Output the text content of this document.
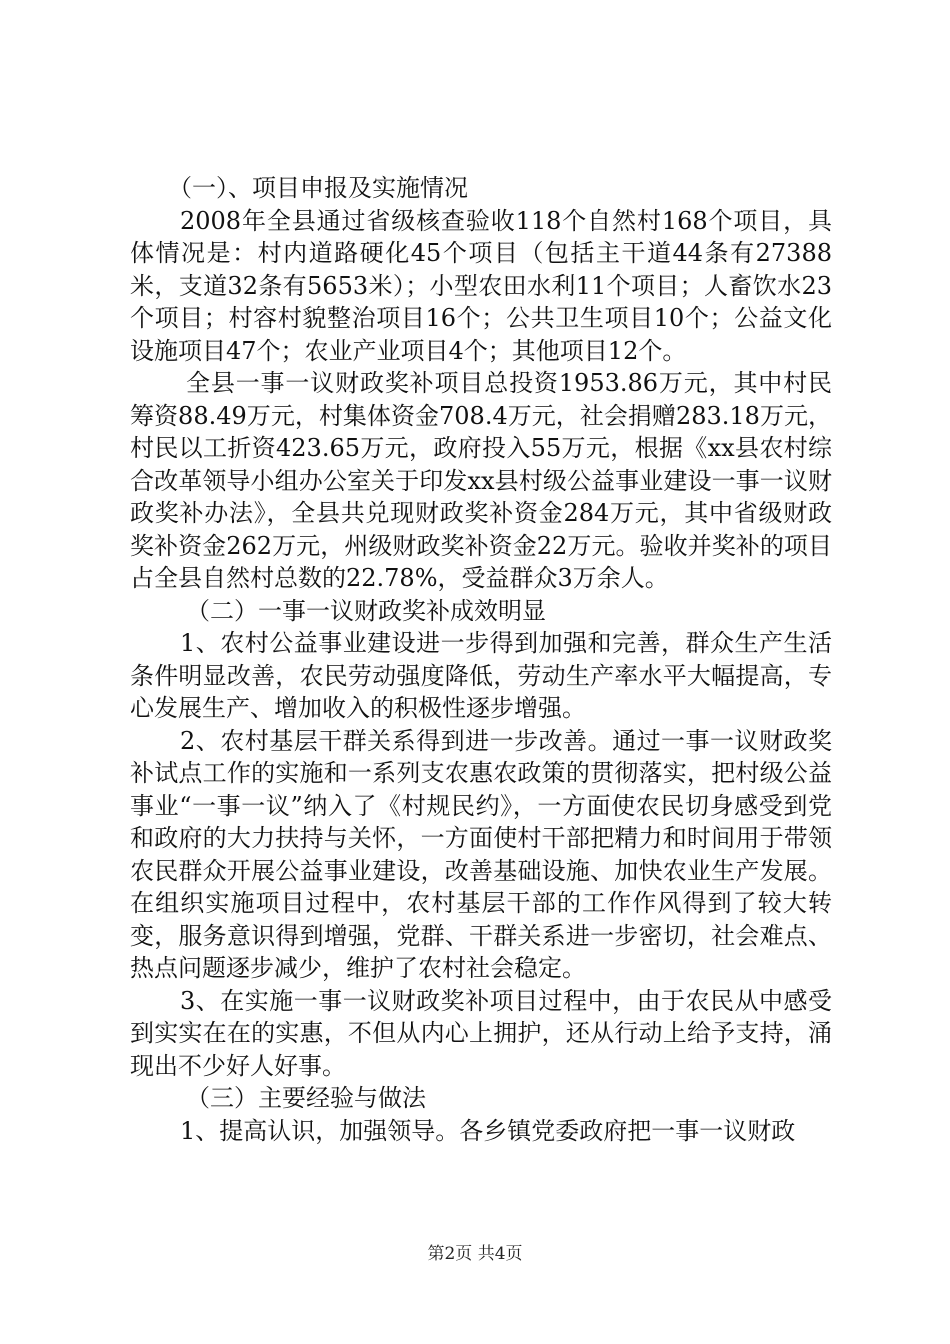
（一）、项目申报及实施情况

2008年全县通过省级核查验收118个自然村168个项目，具体情况是：村内道路硬化45个项目（包括主干道44条有27388米，支道32条有5653米）；小型农田水利11个项目；人畜饮水23个项目；村容村貌整治项目16个；公共卫生项目10个；公益文化设施项目47个；农业产业项目4个；其他项目12个。

全县一事一议财政奖补项目总投资1953.86万元，其中村民筹资88.49万元，村集体资金708.4万元，社会捐赠283.18万元，村民以工折资423.65万元，政府投入55万元，根据《xx县农村综合改革领导小组办公室关于印发xx县村级公益事业建设一事一议财政奖补办法》，全县共兑现财政奖补资金284万元，其中省级财政奖补资金262万元，州级财政奖补资金22万元。验收并奖补的项目占全县自然村总数的22.78%，受益群众3万余人。

（二）一事一议财政奖补成效明显

1、农村公益事业建设进一步得到加强和完善，群众生产生活条件明显改善，农民劳动强度降低，劳动生产率水平大幅提高，专心发展生产、增加收入的积极性逐步增强。

2、农村基层干群关系得到进一步改善。通过一事一议财政奖补试点工作的实施和一系列支农惠农政策的贯彻落实，把村级公益事业“一事一议”纳入了《村规民约》，一方面使农民切身感受到党和政府的大力扶持与关怀，一方面使村干部把精力和时间用于带领农民群众开展公益事业建设，改善基础设施、加快农业生产发展。在组织实施项目过程中，农村基层干部的工作作风得到了较大转变，服务意识得到增强，党群、干群关系进一步密切，社会难点、热点问题逐步减少，维护了农村社会稳定。

3、在实施一事一议财政奖补项目过程中，由于农民从中感受到实实在在的实惠，不但从内心上拥护，还从行动上给予支持，涌现出不少好人好事。

（三）主要经验与做法

1、提高认识，加强领导。各乡镇党委政府把一事一议财政

第2页 共4页
